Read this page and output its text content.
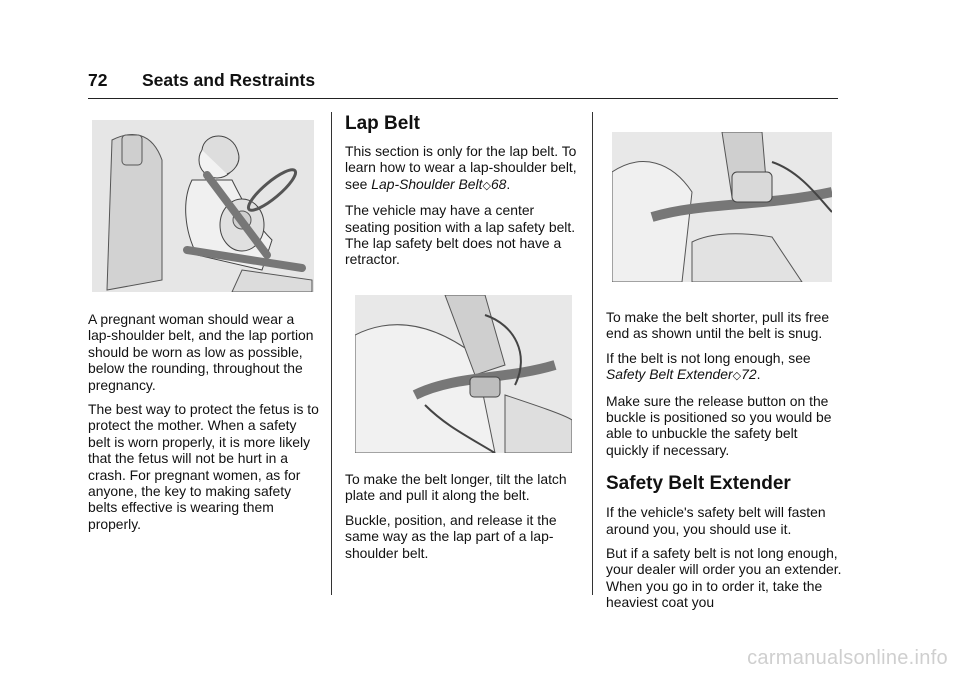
72 Seats and Restraints

A pregnant woman should wear a lap-shoulder belt, and the lap portion should be worn as low as possible, below the rounding, throughout the pregnancy.

The best way to protect the fetus is to protect the mother. When a safety belt is worn properly, it is more likely that the fetus will not be hurt in a crash. For pregnant women, as for anyone, the key to making safety belts effective is wearing them properly.

Lap Belt

This section is only for the lap belt. To learn how to wear a lap-shoulder belt, see Lap-Shoulder Belt◇68.

The vehicle may have a center seating position with a lap safety belt. The lap safety belt does not have a retractor.

To make the belt longer, tilt the latch plate and pull it along the belt.

Buckle, position, and release it the same way as the lap part of a lap-shoulder belt.

To make the belt shorter, pull its free end as shown until the belt is snug.

If the belt is not long enough, see Safety Belt Extender◇72.

Make sure the release button on the buckle is positioned so you would be able to unbuckle the safety belt quickly if necessary.

Safety Belt Extender

If the vehicle's safety belt will fasten around you, you should use it.

But if a safety belt is not long enough, your dealer will order you an extender. When you go in to order it, take the heaviest coat you

carmanualsonline.info
